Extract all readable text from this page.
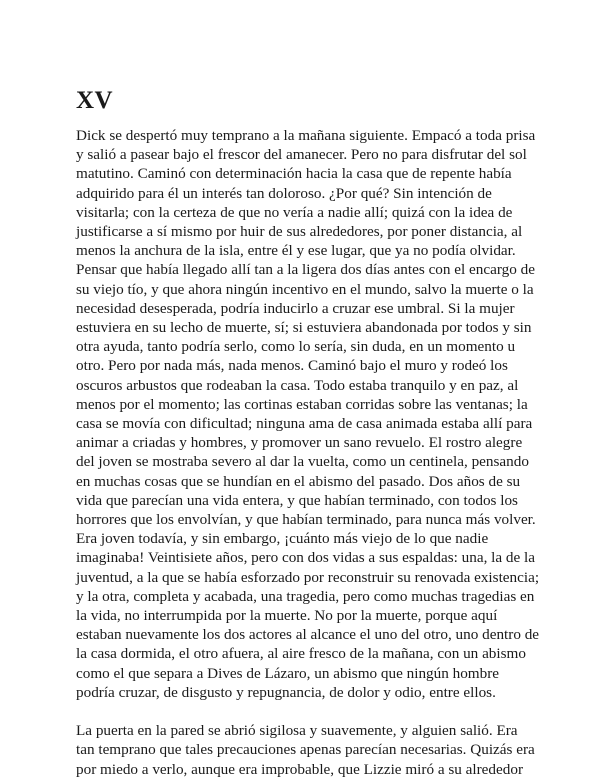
XV

Dick se despertó muy temprano a la mañana siguiente. Empacó a toda prisa
y salió a pasear bajo el frescor del amanecer. Pero no para disfrutar del sol
matutino. Caminó con determinación hacia la casa que de repente había
adquirido para él un interés tan doloroso. ¿Por qué? Sin intención de
visitarla; con la certeza de que no vería a nadie allí; quizá con la idea de
justificarse a sí mismo por huir de sus alrededores, por poner distancia, al
menos la anchura de la isla, entre él y ese lugar, que ya no podía olvidar.
Pensar que había llegado allí tan a la ligera dos días antes con el encargo de
su viejo tío, y que ahora ningún incentivo en el mundo, salvo la muerte o la
necesidad desesperada, podría inducirlo a cruzar ese umbral. Si la mujer
estuviera en su lecho de muerte, sí; si estuviera abandonada por todos y sin
otra ayuda, tanto podría serlo, como lo sería, sin duda, en un momento u
otro. Pero por nada más, nada menos. Caminó bajo el muro y rodeó los
oscuros arbustos que rodeaban la casa. Todo estaba tranquilo y en paz, al
menos por el momento; las cortinas estaban corridas sobre las ventanas; la
casa se movía con dificultad; ninguna ama de casa animada estaba allí para
animar a criadas y hombres, y promover un sano revuelo. El rostro alegre
del joven se mostraba severo al dar la vuelta, como un centinela, pensando
en muchas cosas que se hundían en el abismo del pasado. Dos años de su
vida que parecían una vida entera, y que habían terminado, con todos los
horrores que los envolvían, y que habían terminado, para nunca más volver.
Era joven todavía, y sin embargo, ¡cuánto más viejo de lo que nadie
imaginaba! Veintisiete años, pero con dos vidas a sus espaldas: una, la de la
juventud, a la que se había esforzado por reconstruir su renovada existencia;
y la otra, completa y acabada, una tragedia, pero como muchas tragedias en
la vida, no interrumpida por la muerte. No por la muerte, porque aquí
estaban nuevamente los dos actores al alcance el uno del otro, uno dentro de
la casa dormida, el otro afuera, al aire fresco de la mañana, con un abismo
como el que separa a Dives de Lázaro, un abismo que ningún hombre
podría cruzar, de disgusto y repugnancia, de dolor y odio, entre ellos.

La puerta en la pared se abrió sigilosa y suavemente, y alguien salió. Era
tan temprano que tales precauciones apenas parecían necesarias. Quizás era
por miedo a verlo, aunque era improbable, que Lizzie miró a su alrededor
